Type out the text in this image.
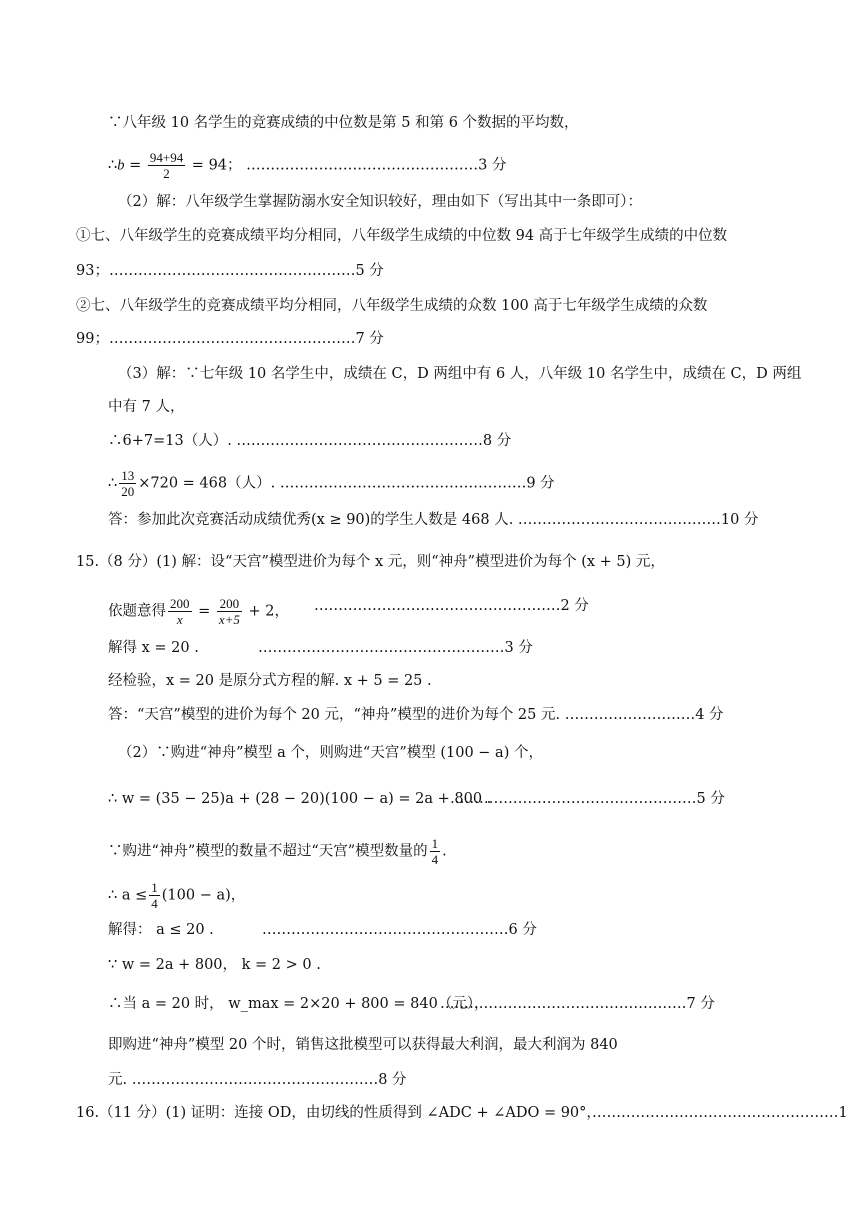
∵八年级 10 名学生的竞赛成绩的中位数是第 5 和第 6 个数据的平均数，
∴b = $\frac{94+94}{2} = 94$； …………………………………………3 分
（2）解：八年级学生掌握防溺水安全知识较好，理由如下（写出其中一条即可）：
①七、八年级学生的竞赛成绩平均分相同，八年级学生成绩的中位数 94 高于七年级学生成绩的中位数
93；……………………………………………5 分
②七、八年级学生的竞赛成绩平均分相同，八年级学生成绩的众数 100 高于七年级学生成绩的众数
99；……………………………………………7 分
（3）解：∵七年级 10 名学生中，成绩在 C，D 两组中有 6 人，八年级 10 名学生中，成绩在 C，D 两组
中有 7 人，
∴6+7=13（人）. ……………………………………………8 分
∴ $\frac{13}{20} \times 720 = 468$（人）. ……………………………………………9 分
答：参加此次竞赛活动成绩优秀(x ≥ 90)的学生人数是 468 人. ……………………………………10 分
15.（8 分）(1) 解：设“天宫”模型进价为每个 x 元，则“神舟”模型进价为每个 (x + 5) 元，
依题意得 $\frac{200}{x} = \frac{200}{x+5} + 2$， ……………………………………………2 分
解得 x = 20 .	……………………………………………3 分
经检验，x = 20 是原分式方程的解. x + 5 = 25 .
答：“天宫”模型的进价为每个 20 元，“神舟”模型的进价为每个 25 元. ………………………4 分
（2）∵购进“神舟”模型 a 个，则购进“天宫”模型 (100 − a) 个，
∴ w = (35 − 25)a + (28 − 20)(100 − a) = 2a + 800 .
……………………………………………5 分
∵购进“神舟”模型的数量不超过“天宫”模型数量的 $\frac{1}{4}$ .
∴ $a \le \frac{1}{4} (100 - a)$，
解得： a ≤ 20 .	……………………………………………6 分
∵ w = 2a + 800， k = 2 > 0 .
∴当 a = 20 时， w_max = 2×20 + 800 = 840（元），
……………………………………………7 分
即购进“神舟”模型 20 个时，销售这批模型可以获得最大利润，最大利润为 840
元. ……………………………………………8 分
16.（11 分）(1) 证明：连接 OD，由切线的性质得到 ∠ADC + ∠ADO = 90°，
……………………………………………1
